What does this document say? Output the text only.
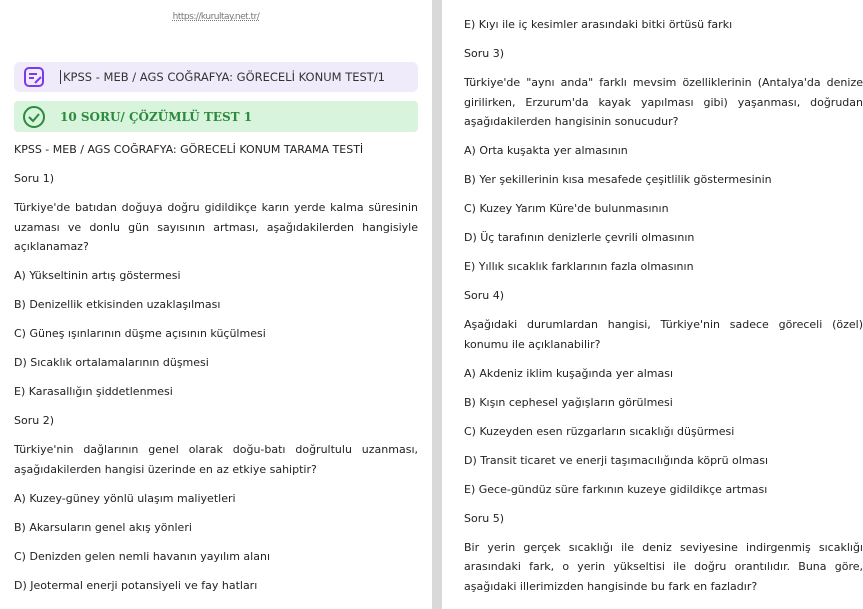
https://kurultay.net.tr/
KPSS - MEB / AGS COĞRAFYA: GÖRECELİ KONUM TEST/1
10 SORU/ ÇÖZÜMLÜ TEST 1
KPSS - MEB / AGS COĞRAFYA: GÖRECELİ KONUM TARAMA TESTİ
Soru 1)
Türkiye'de batıdan doğuya doğru gidildikçe karın yerde kalma süresinin uzaması ve donlu gün sayısının artması, aşağıdakilerden hangisiyle açıklanamaz?
A) Yükseltinin artış göstermesi
B) Denizellik etkisinden uzaklaşılması
C) Güneş ışınlarının düşme açısının küçülmesi
D) Sıcaklık ortalamalarının düşmesi
E) Karasallığın şiddetlenmesi
Soru 2)
Türkiye'nin dağlarının genel olarak doğu-batı doğrultulu uzanması, aşağıdakilerden hangisi üzerinde en az etkiye sahiptir?
A) Kuzey-güney yönlü ulaşım maliyetleri
B) Akarsuların genel akış yönleri
C) Denizden gelen nemli havanın yayılım alanı
D) Jeotermal enerji potansiyeli ve fay hatları
E) Kıyı ile iç kesimler arasındaki bitki örtüsü farkı
Soru 3)
Türkiye'de "aynı anda" farklı mevsim özelliklerinin (Antalya'da denize girilirken, Erzurum'da kayak yapılması gibi) yaşanması, doğrudan aşağıdakilerden hangisinin sonucudur?
A) Orta kuşakta yer almasının
B) Yer şekillerinin kısa mesafede çeşitlilik göstermesinin
C) Kuzey Yarım Küre'de bulunmasının
D) Üç tarafının denizlerle çevrili olmasının
E) Yıllık sıcaklık farklarının fazla olmasının
Soru 4)
Aşağıdaki durumlardan hangisi, Türkiye'nin sadece göreceli (özel) konumu ile açıklanabilir?
A) Akdeniz iklim kuşağında yer alması
B) Kışın cephesel yağışların görülmesi
C) Kuzeyden esen rüzgarların sıcaklığı düşürmesi
D) Transit ticaret ve enerji taşımacılığında köprü olması
E) Gece-gündüz süre farkının kuzeye gidildikçe artması
Soru 5)
Bir yerin gerçek sıcaklığı ile deniz seviyesine indirgenmiş sıcaklığı arasındaki fark, o yerin yükseltisi ile doğru orantılıdır. Buna göre, aşağıdaki illerimizden hangisinde bu fark en fazladır?
